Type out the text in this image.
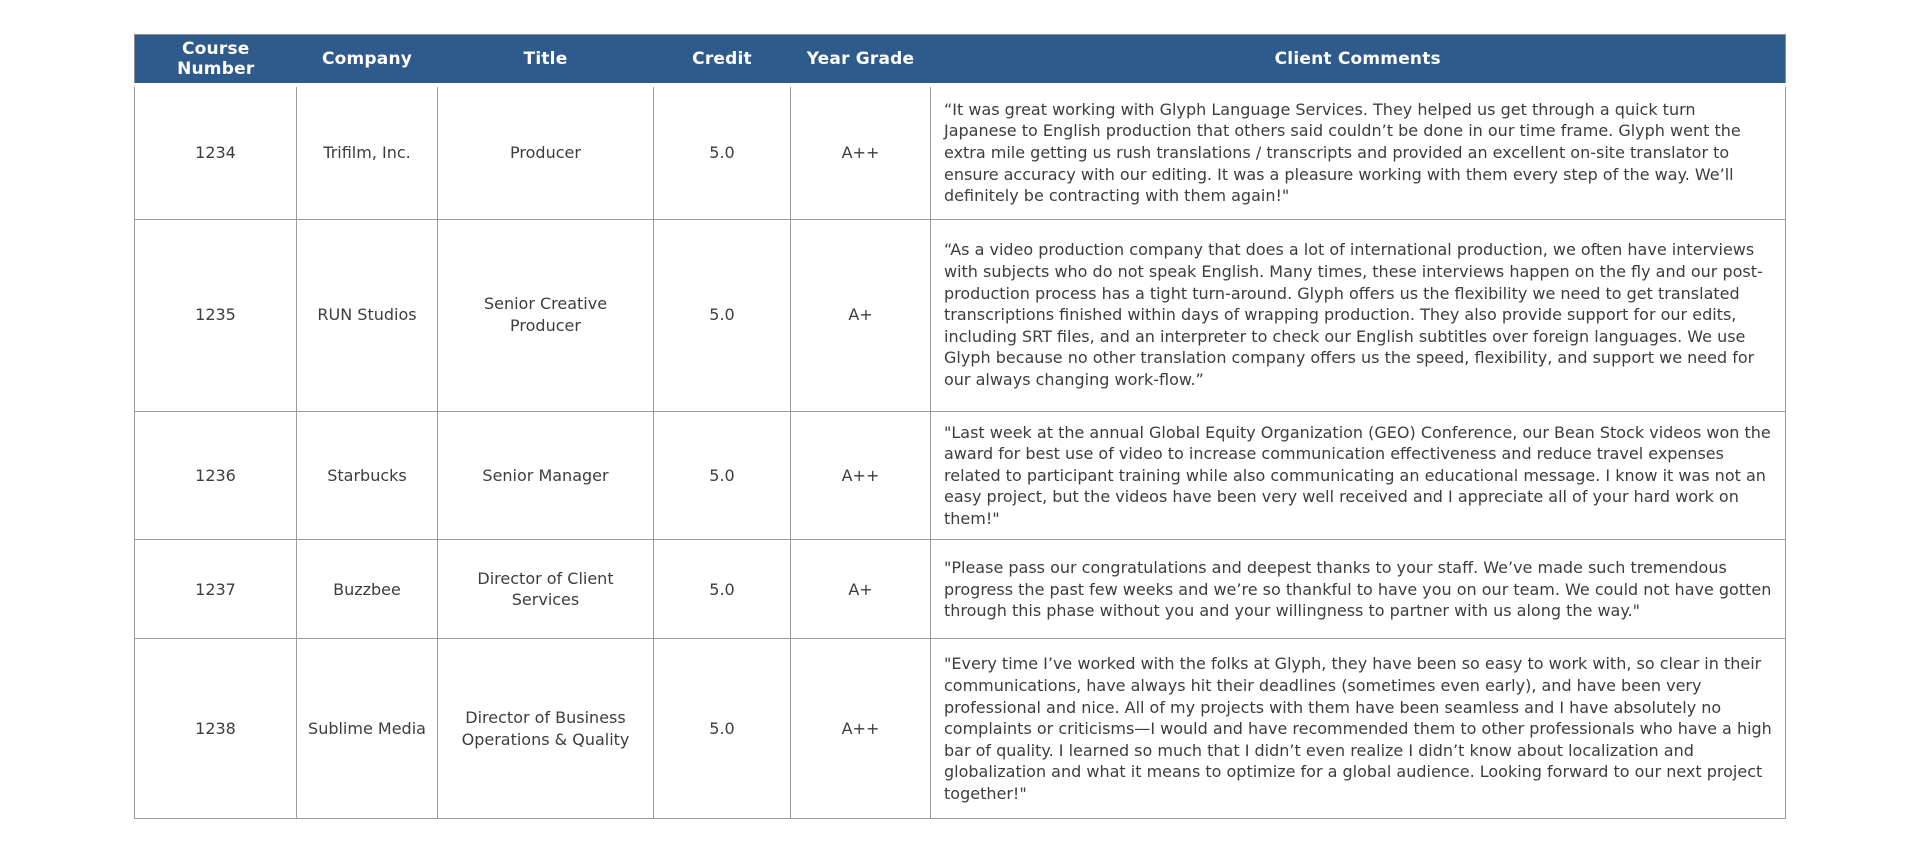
Course Number	Company	Title	Credit	Year Grade	Client Comments
1234	Trifilm, Inc.	Producer	5.0	A++	“It was great working with Glyph Language Services. They helped us get through a quick turn Japanese to English production that others said couldn’t be done in our time frame. Glyph went the extra mile getting us rush translations / transcripts and provided an excellent on-site translator to ensure accuracy with our editing. It was a pleasure working with them every step of the way. We’ll definitely be contracting with them again!"
1235	RUN Studios	Senior Creative Producer	5.0	A+	“As a video production company that does a lot of international production, we often have interviews with subjects who do not speak English. Many times, these interviews happen on the fly and our post-production process has a tight turn-around. Glyph offers us the flexibility we need to get translated transcriptions finished within days of wrapping production. They also provide support for our edits, including SRT files, and an interpreter to check our English subtitles over foreign languages. We use Glyph because no other translation company offers us the speed, flexibility, and support we need for our always changing work-flow.”
1236	Starbucks	Senior Manager	5.0	A++	"Last week at the annual Global Equity Organization (GEO) Conference, our Bean Stock videos won the award for best use of video to increase communication effectiveness and reduce travel expenses related to participant training while also communicating an educational message. I know it was not an easy project, but the videos have been very well received and I appreciate all of your hard work on them!"
1237	Buzzbee	Director of Client Services	5.0	A+	"Please pass our congratulations and deepest thanks to your staff. We’ve made such tremendous progress the past few weeks and we’re so thankful to have you on our team. We could not have gotten through this phase without you and your willingness to partner with us along the way."
1238	Sublime Media	Director of Business Operations & Quality	5.0	A++	"Every time I’ve worked with the folks at Glyph, they have been so easy to work with, so clear in their communications, have always hit their deadlines (sometimes even early), and have been very professional and nice. All of my projects with them have been seamless and I have absolutely no complaints or criticisms—I would and have recommended them to other professionals who have a high bar of quality. I learned so much that I didn’t even realize I didn’t know about localization and globalization and what it means to optimize for a global audience. Looking forward to our next project together!"
